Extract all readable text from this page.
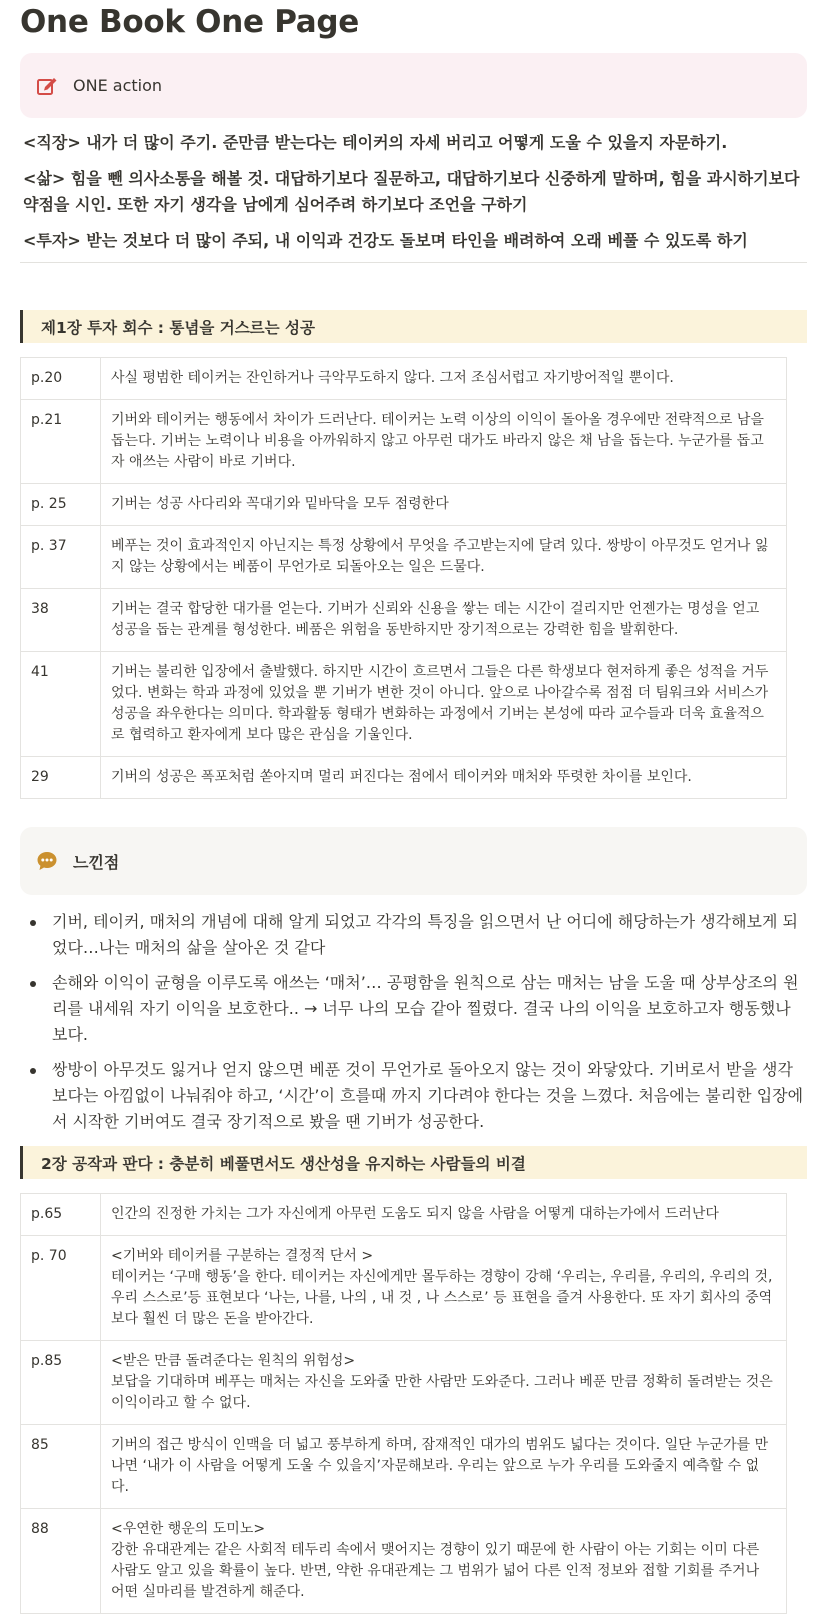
One Book One Page
ONE action

<직장> 내가 더 많이 주기. 준만큼 받는다는 테이커의 자세 버리고 어떻게 도울 수 있을지 자문하기.

<삶> 힘을 뺀 의사소통을 해볼 것. 대답하기보다 질문하고, 대답하기보다 신중하게 말하며, 힘을 과시하기보다 약점을 시인. 또한 자기 생각을 남에게 심어주려 하기보다 조언을 구하기

<투자> 받는 것보다 더 많이 주되, 내 이익과 건강도 돌보며 타인을 배려하여 오래 베풀 수 있도록 하기

제1장 투자 회수 : 통념을 거스르는 성공
p.20	사실 평범한 테이커는 잔인하거나 극악무도하지 않다. 그저 조심서럽고 자기방어적일 뿐이다.
p.21	기버와 테이커는 행동에서 차이가 드러난다. 테이커는 노력 이상의 이익이 돌아올 경우에만 전략적으로 남을 돕는다. 기버는 노력이나 비용을 아까워하지 않고 아무런 대가도 바라지 않은 채 남을 돕는다. 누군가를 돕고자 애쓰는 사람이 바로 기버다.
p. 25	기버는 성공 사다리와 꼭대기와 밑바닥을 모두 점령한다
p. 37	베푸는 것이 효과적인지 아닌지는 특정 상황에서 무엇을 주고받는지에 달려 있다. 쌍방이 아무것도 얻거나 잃지 않는 상황에서는 베품이 무언가로 되돌아오는 일은 드물다.
38	기버는 결국 합당한 대가를 얻는다. 기버가 신뢰와 신용을 쌓는 데는 시간이 걸리지만 언젠가는 명성을 얻고 성공을 돕는 관계를 형성한다. 베품은 위험을 동반하지만 장기적으로는 강력한 힘을 발휘한다.
41	기버는 불리한 입장에서 출발했다. 하지만 시간이 흐르면서 그들은 다른 학생보다 현저하게 좋은 성적을 거두었다. 변화는 학과 과정에 있었을 뿐 기버가 변한 것이 아니다. 앞으로 나아갈수록 점점 더 팀워크와 서비스가 성공을 좌우한다는 의미다. 학과활동 형태가 변화하는 과정에서 기버는 본성에 따라 교수들과 더욱 효율적으로 협력하고 환자에게 보다 많은 관심을 기울인다.
29	기버의 성공은 폭포처럼 쏟아지며 멀리 퍼진다는 점에서 테이커와 매처와 뚜렷한 차이를 보인다.
느낀점
기버, 테이커, 매처의 개념에 대해 알게 되었고 각각의 특징을 읽으면서 난 어디에 해당하는가 생각해보게 되었다…나는 매처의 삶을 살아온 것 같다
손해와 이익이 균형을 이루도록 애쓰는 ‘매처’… 공평함을 원칙으로 삼는 매처는 남을 도울 때 상부상조의 원리를 내세워 자기 이익을 보호한다.. → 너무 나의 모습 같아 찔렸다. 결국 나의 이익을 보호하고자 행동했나보다.
쌍방이 아무것도 잃거나 얻지 않으면 베푼 것이 무언가로 돌아오지 않는 것이 와닿았다. 기버로서 받을 생각보다는 아낌없이 나눠줘야 하고, ‘시간’이 흐를때 까지 기다려야 한다는 것을 느꼈다. 처음에는 불리한 입장에서 시작한 기버여도 결국 장기적으로 봤을 땐 기버가 성공한다.
2장 공작과 판다 : 충분히 베풀면서도 생산성을 유지하는 사람들의 비결
p.65	인간의 진정한 가치는 그가 자신에게 아무런 도움도 되지 않을 사람을 어떻게 대하는가에서 드러난다
p. 70	<기버와 테이커를 구분하는 결정적 단서 >
테이커는 ‘구매 행동’을 한다. 테이커는 자신에게만 몰두하는 경향이 강해 ‘우리는, 우리를, 우리의, 우리의 것, 우리 스스로’등 표현보다 ‘나는, 나를, 나의 , 내 것 , 나 스스로’ 등 표현을 즐겨 사용한다. 또 자기 회사의 중역보다 훨씬 더 많은 돈을 받아간다.
p.85	<받은 만큼 돌려준다는 원칙의 위험성>
보답을 기대하며 베푸는 매처는 자신을 도와줄 만한 사람만 도와준다. 그러나 베푼 만큼 정확히 돌려받는 것은 이익이라고 할 수 없다.
85	기버의 접근 방식이 인맥을 더 넓고 풍부하게 하며, 잠재적인 대가의 범위도 넓다는 것이다. 일단 누군가를 만나면 ‘내가 이 사람을 어떻게 도울 수 있을지’자문해보라. 우리는 앞으로 누가 우리를 도와줄지 예측할 수 없다.
88	<우연한 행운의 도미노>
강한 유대관계는 같은 사회적 테두리 속에서 맺어지는 경향이 있기 때문에 한 사람이 아는 기회는 이미 다른 사람도 알고 있을 확률이 높다. 반면, 약한 유대관계는 그 범위가 넓어 다른 인적 정보와 접할 기회를 주거나 어떤 실마리를 발견하게 해준다.
